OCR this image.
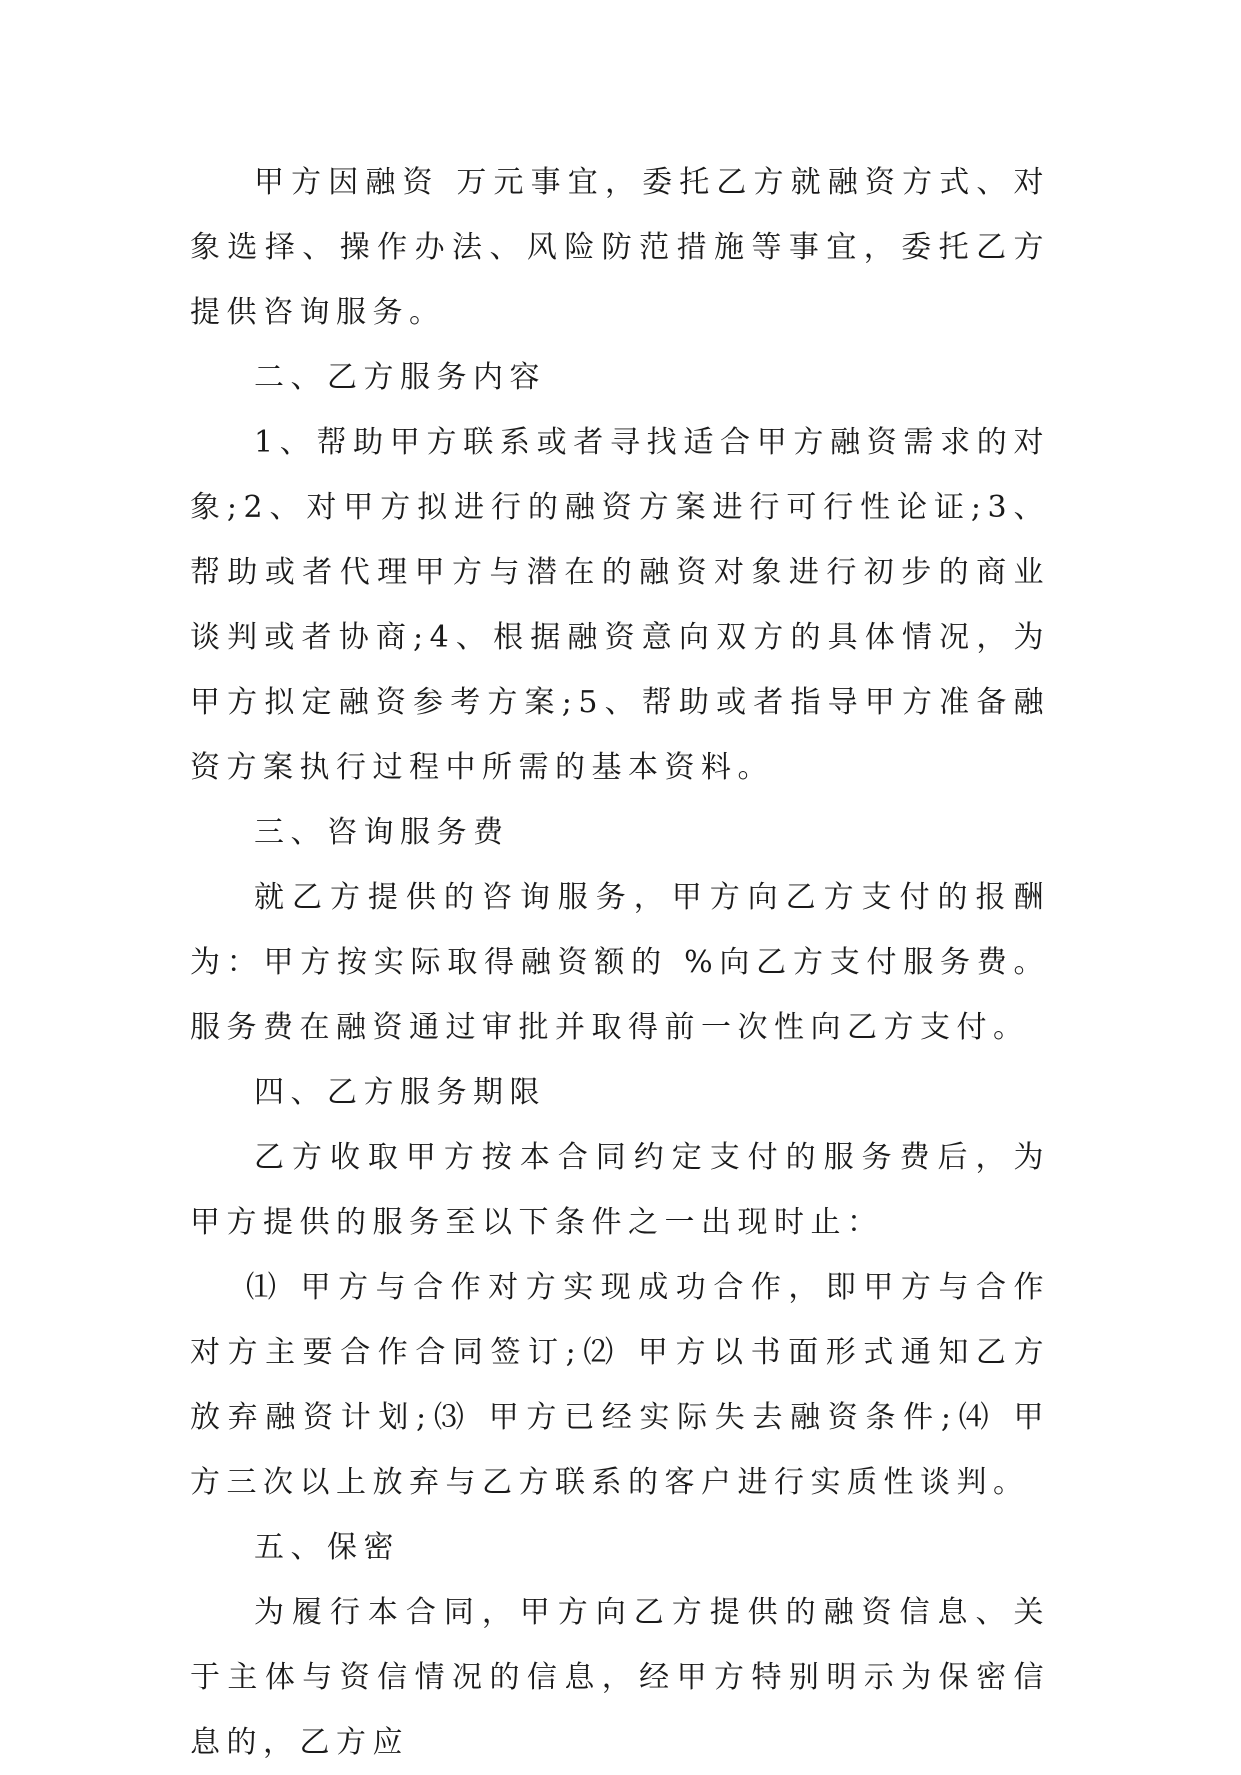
甲方因融资 万元事宜，委托乙方就融资方式、对象选择、操作办法、风险防范措施等事宜，委托乙方提供咨询服务。

二、乙方服务内容

1、帮助甲方联系或者寻找适合甲方融资需求的对象;2、对甲方拟进行的融资方案进行可行性论证;3、帮助或者代理甲方与潜在的融资对象进行初步的商业谈判或者协商;4、根据融资意向双方的具体情况，为甲方拟定融资参考方案;5、帮助或者指导甲方准备融资方案执行过程中所需的基本资料。

三、咨询服务费

就乙方提供的咨询服务，甲方向乙方支付的报酬为：甲方按实际取得融资额的 %向乙方支付服务费。服务费在融资通过审批并取得前一次性向乙方支付。

四、乙方服务期限

乙方收取甲方按本合同约定支付的服务费后，为甲方提供的服务至以下条件之一出现时止：

⑴ 甲方与合作对方实现成功合作，即甲方与合作对方主要合作合同签订;⑵ 甲方以书面形式通知乙方放弃融资计划;⑶ 甲方已经实际失去融资条件;⑷ 甲方三次以上放弃与乙方联系的客户进行实质性谈判。

五、保密

为履行本合同，甲方向乙方提供的融资信息、关于主体与资信情况的信息，经甲方特别明示为保密信息的，乙方应
